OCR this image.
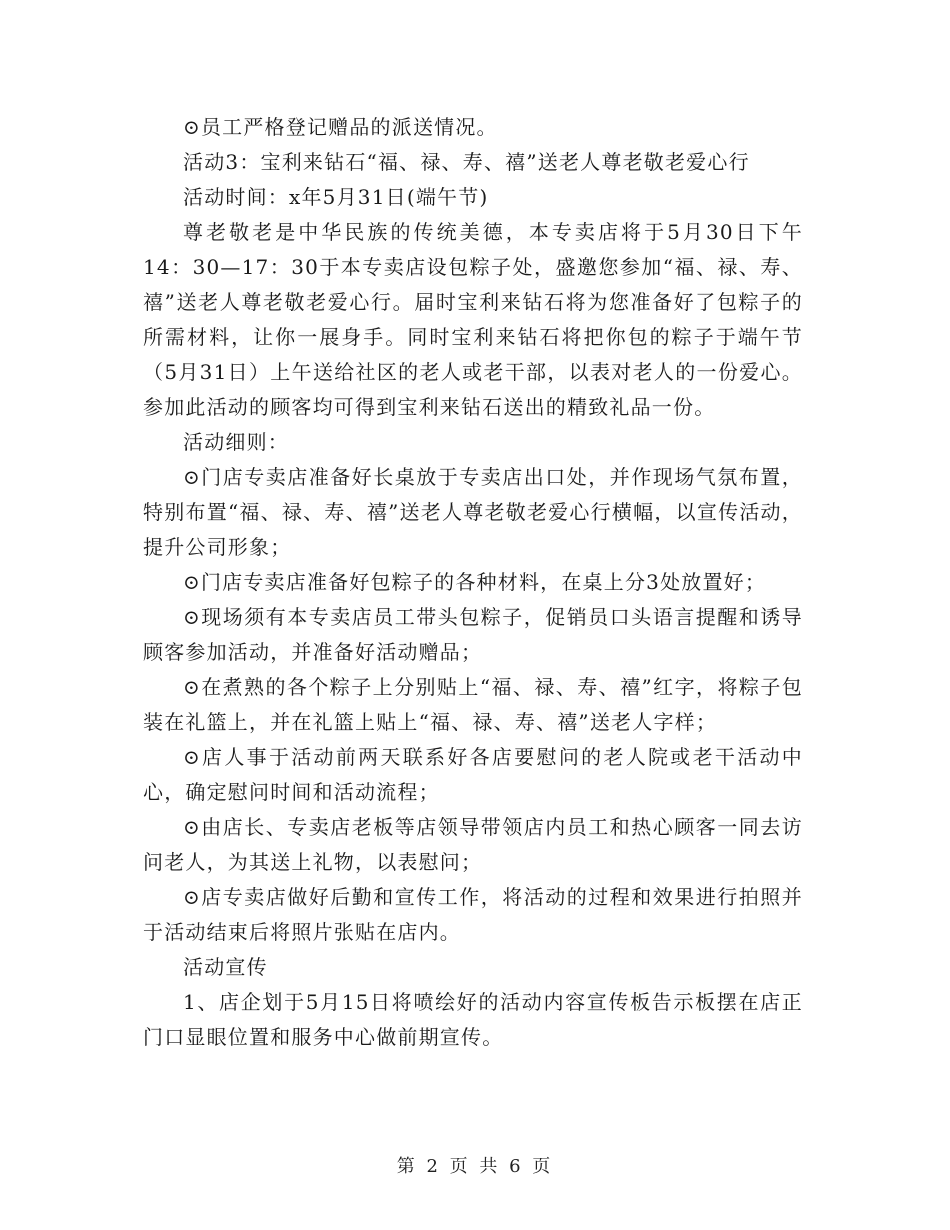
⊙员工严格登记赠品的派送情况。

活动3：宝利来钻石“福、禄、寿、禧”送老人尊老敬老爱心行

活动时间：x年5月31日(端午节)

尊老敬老是中华民族的传统美德，本专卖店将于5月30日下午14：30—17：30于本专卖店设包粽子处，盛邀您参加“福、禄、寿、禧”送老人尊老敬老爱心行。届时宝利来钻石将为您准备好了包粽子的所需材料，让你一展身手。同时宝利来钻石将把你包的粽子于端午节（5月31日）上午送给社区的老人或老干部，以表对老人的一份爱心。参加此活动的顾客均可得到宝利来钻石送出的精致礼品一份。

活动细则：

⊙门店专卖店准备好长桌放于专卖店出口处，并作现场气氛布置，特别布置“福、禄、寿、禧”送老人尊老敬老爱心行横幅，以宣传活动，提升公司形象；

⊙门店专卖店准备好包粽子的各种材料，在桌上分3处放置好；

⊙现场须有本专卖店员工带头包粽子，促销员口头语言提醒和诱导顾客参加活动，并准备好活动赠品；

⊙在煮熟的各个粽子上分别贴上“福、禄、寿、禧”红字，将粽子包装在礼篮上，并在礼篮上贴上“福、禄、寿、禧”送老人字样；

⊙店人事于活动前两天联系好各店要慰问的老人院或老干活动中心，确定慰问时间和活动流程；

⊙由店长、专卖店老板等店领导带领店内员工和热心顾客一同去访问老人，为其送上礼物，以表慰问；

⊙店专卖店做好后勤和宣传工作，将活动的过程和效果进行拍照并于活动结束后将照片张贴在店内。

活动宣传

1、店企划于5月15日将喷绘好的活动内容宣传板告示板摆在店正门口显眼位置和服务中心做前期宣传。

第 2 页 共 6 页
